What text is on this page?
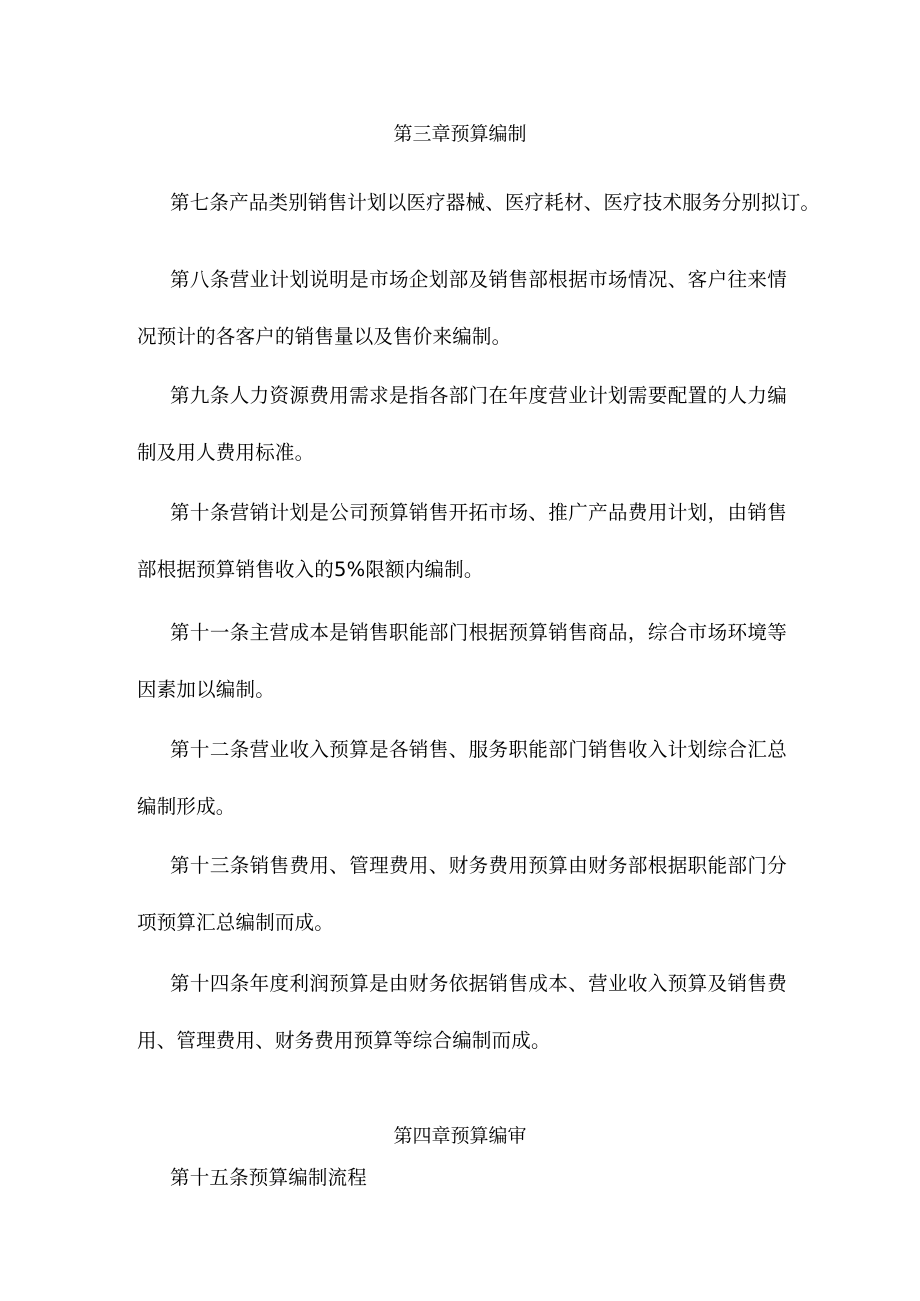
第三章预算编制
第七条产品类别销售计划以医疗器械、医疗耗材、医疗技术服务分别拟订。
第八条营业计划说明是市场企划部及销售部根据市场情况、客户往来情况预计的各客户的销售量以及售价来编制。
第九条人力资源费用需求是指各部门在年度营业计划需要配置的人力编制及用人费用标准。
第十条营销计划是公司预算销售开拓市场、推广产品费用计划，由销售部根据预算销售收入的5%限额内编制。
第十一条主营成本是销售职能部门根据预算销售商品，综合市场环境等因素加以编制。
第十二条营业收入预算是各销售、服务职能部门销售收入计划综合汇总编制形成。
第十三条销售费用、管理费用、财务费用预算由财务部根据职能部门分项预算汇总编制而成。
第十四条年度利润预算是由财务依据销售成本、营业收入预算及销售费用、管理费用、财务费用预算等综合编制而成。
第四章预算编审
第十五条预算编制流程
